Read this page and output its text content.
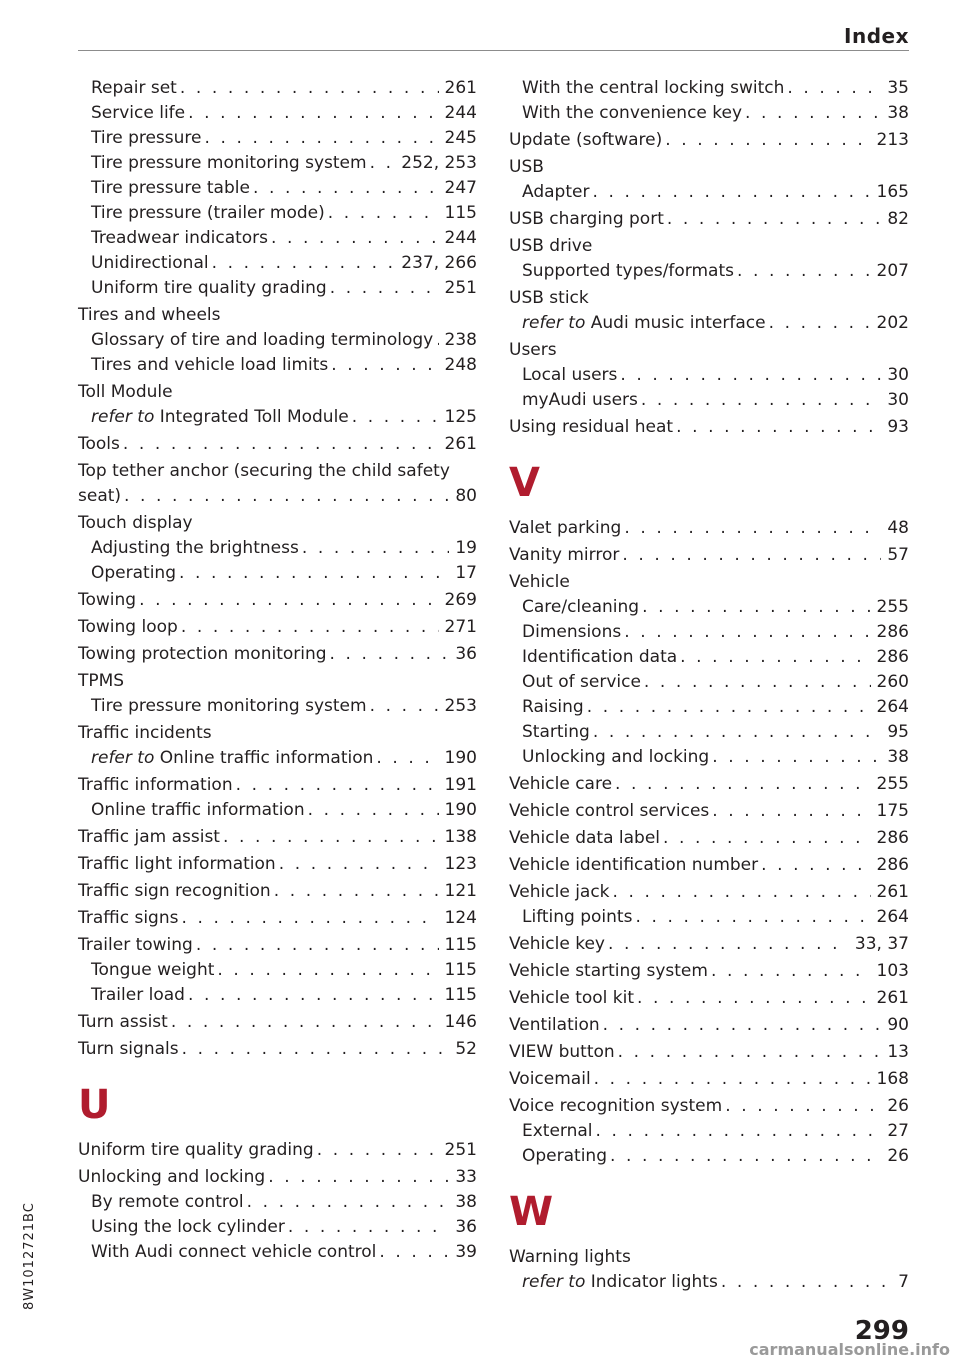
Index
Repair set . . .	261
Service life . . .	244
Tire pressure . . .	245
Tire pressure monitoring system . . . 252, 253
Tire pressure table . . .	247
Tire pressure (trailer mode) . . .	115
Treadwear indicators . . .	244
Unidirectional . . .	237, 266
Uniform tire quality grading . . .	251
Tires and wheels
Glossary of tire and loading terminology . . . 238
Tires and vehicle load limits . . .	248
Toll Module
refer to Integrated Toll Module . . .	125
Tools . . .	261
Top tether anchor (securing the child safety
seat) . . .	80
Touch display
Adjusting the brightness . . .	19
Operating . . .	17
Towing . . .	269
Towing loop . . .	271
Towing protection monitoring . . .	36
TPMS
Tire pressure monitoring system . . .	253
Traffic incidents
refer to Online traffic information . . .	190
Traffic information . . .	191
Online traffic information . . .	190
Traffic jam assist . . .	138
Traffic light information . . .	123
Traffic sign recognition . . .	121
Traffic signs . . .	124
Trailer towing . . .	115
Tongue weight . . .	115
Trailer load . . .	115
Turn assist . . .	146
Turn signals . . .	52
U
Uniform tire quality grading . . .	251
Unlocking and locking . . .	33
By remote control . . .	38
Using the lock cylinder . . .	36
With Audi connect vehicle control . . .	39
With the central locking switch . . .	35
With the convenience key . . .	38
Update (software) . . .	213
USB
Adapter . . .	165
USB charging port . . .	82
USB drive
Supported types/formats . . .	207
USB stick
refer to Audi music interface . . .	202
Users
Local users . . .	30
myAudi users . . .	30
Using residual heat . . .	93
V
Valet parking . . .	48
Vanity mirror . . .	57
Vehicle
Care/cleaning . . .	255
Dimensions . . .	286
Identification data . . .	286
Out of service . . .	260
Raising . . .	264
Starting . . .	95
Unlocking and locking . . .	38
Vehicle care . . .	255
Vehicle control services . . .	175
Vehicle data label . . .	286
Vehicle identification number . . .	286
Vehicle jack . . .	261
Lifting points . . .	264
Vehicle key . . .	33, 37
Vehicle starting system . . .	103
Vehicle tool kit . . .	261
Ventilation . . .	90
VIEW button . . .	13
Voicemail . . .	168
Voice recognition system . . .	26
External . . .	27
Operating . . .	26
W
Warning lights
refer to Indicator lights . . .	7
8W1012721BC
299
carmanualsonline.info
